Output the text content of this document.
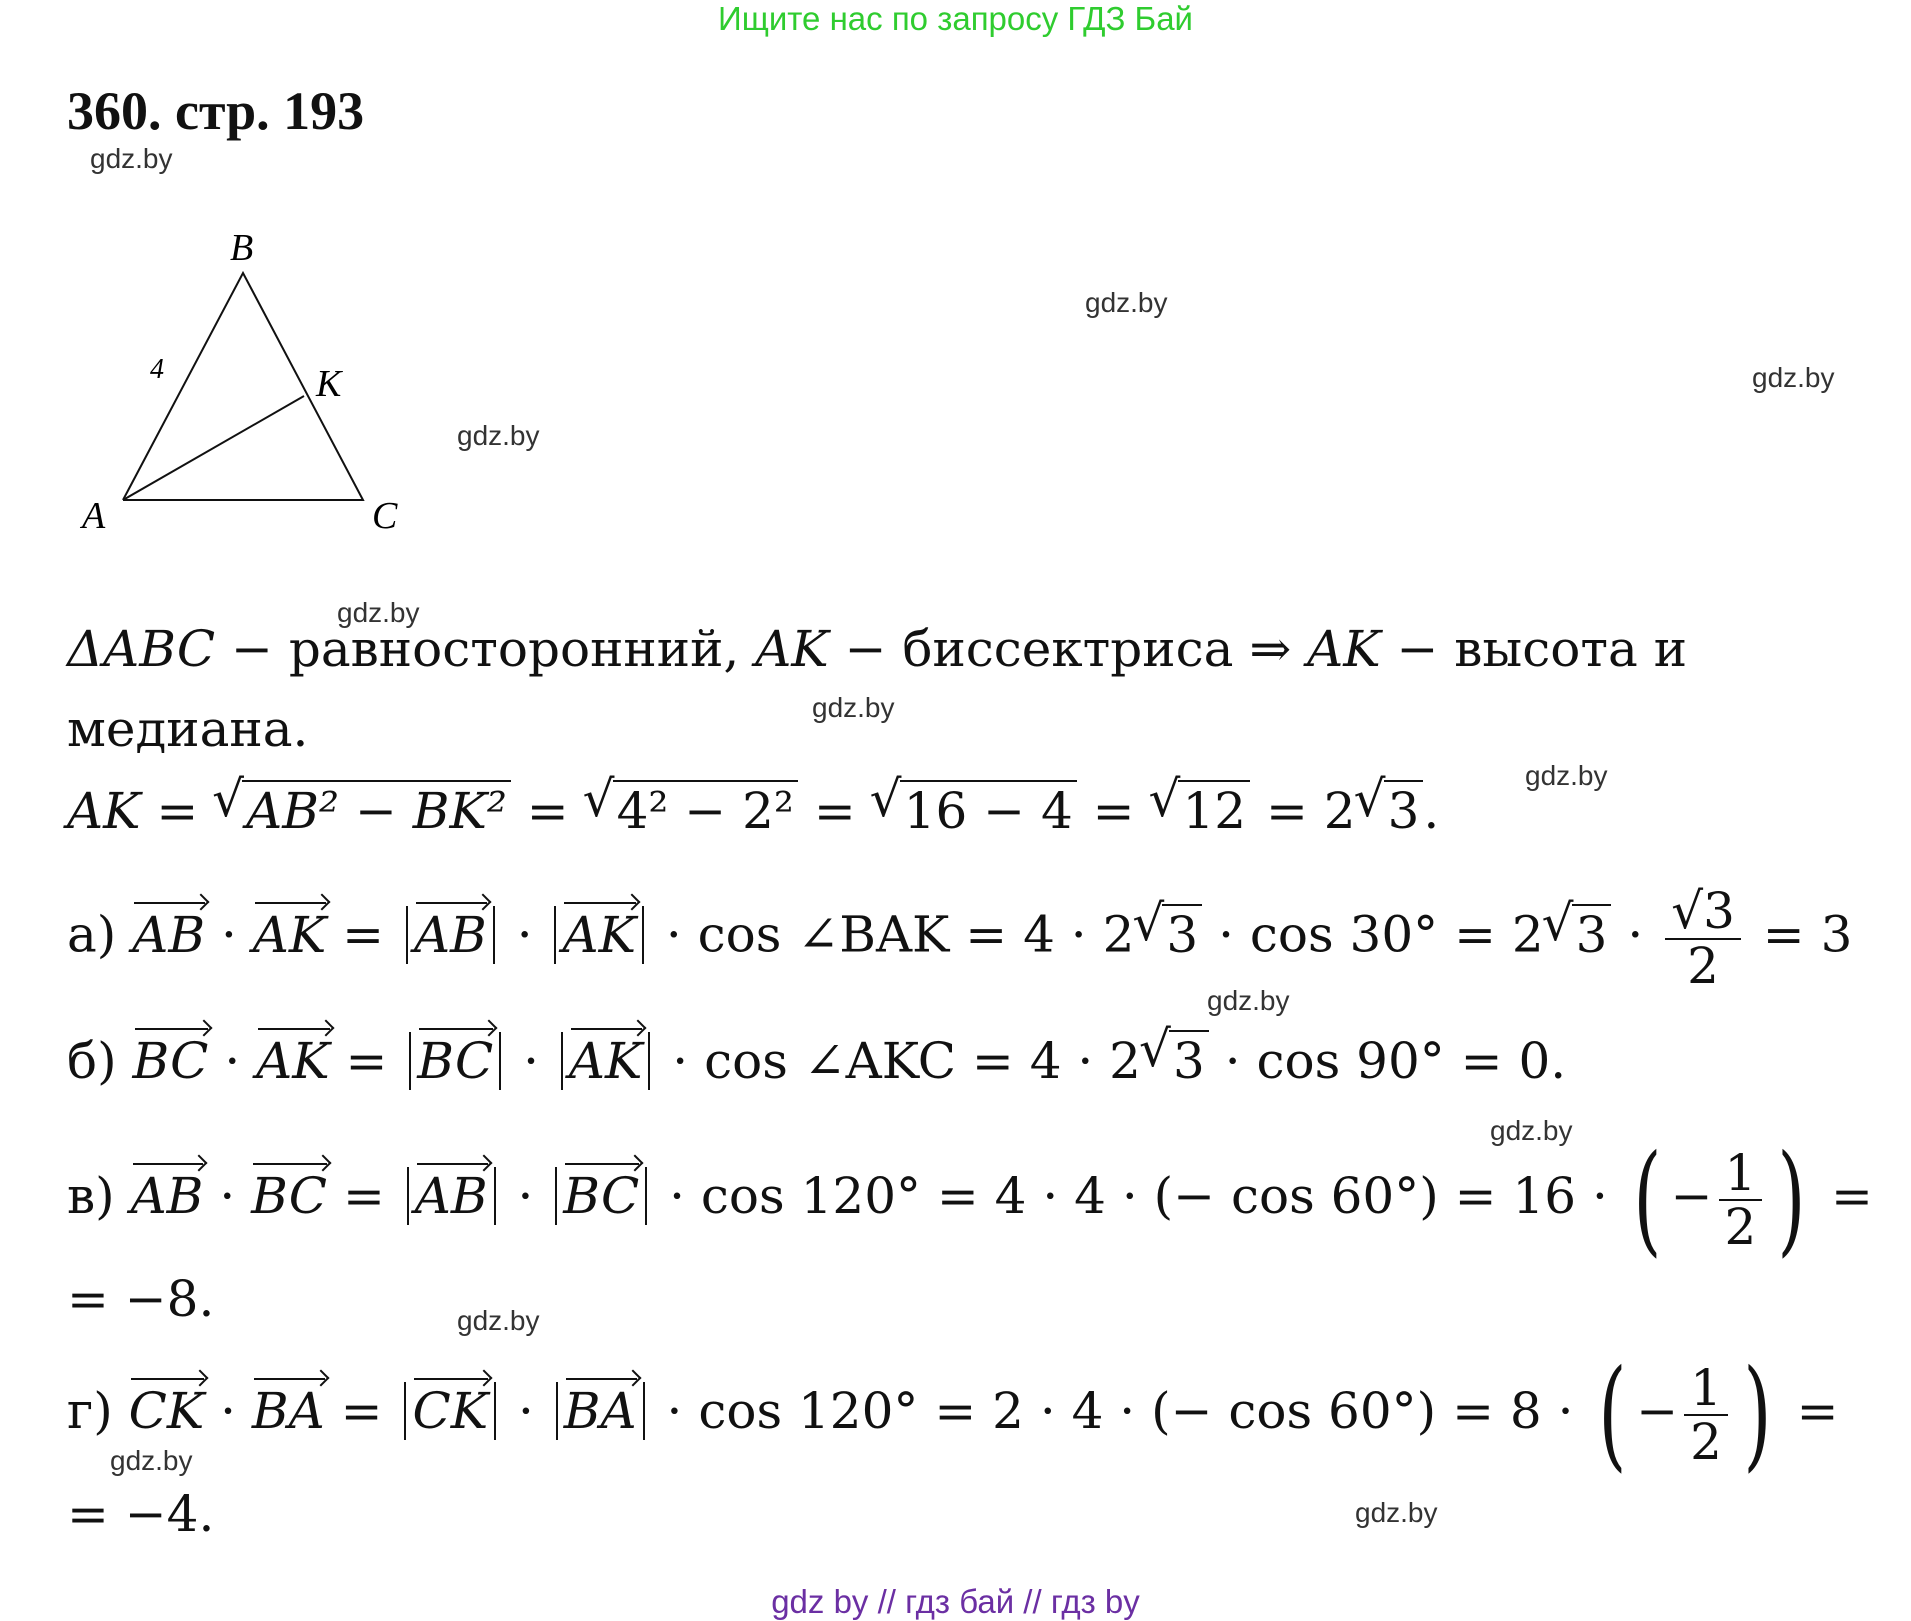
Ищите нас по запросу ГДЗ Бай
360. стр. 193
gdz.by
gdz.by
gdz.by
gdz.by
gdz.by
gdz.by
gdz.by
gdz.by
gdz.by
gdz.by
gdz.by
gdz.by
A
B
C
K
4
ΔABC − равносторонний, AK − биссектриса ⇒ AK − высота и
медиана.
AK = √ AB² − BK² = √ 4² − 2² = √ 16 − 4 = √ 12 = 2 √ 3.
а) AB · AK = AB · AK · cos ∠BAK = 4 · 2 √ 3 · cos 30° = 2 √ $3 \cdot \frac{√3}{2} = 3$
б) BC · AK = BC · AK · cos ∠AKC = 4 · 2 √ 3 · cos 90° = 0.
в) AB · BC = AB · BC · cos 120° = 4 · 4 · (− cos 60°) = 16 · ( − $\frac{1}{2}$ ) =
= −8.
г) CK · BA = CK · BA · cos 120° = 2 · 4 · (− cos 60°) = 8 · ( − $\frac{1}{2}$ ) =
= −4.
gdz by // гдз бай // гдз by
